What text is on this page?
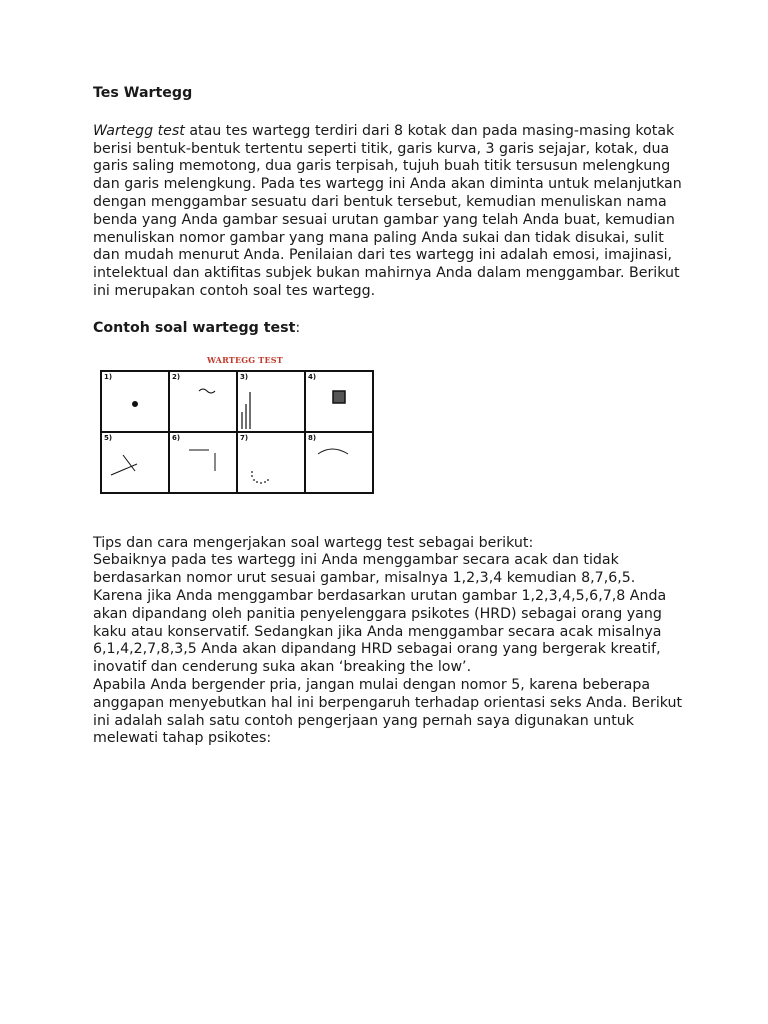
Tes Wartegg

Wartegg test atau tes wartegg terdiri dari 8 kotak dan pada masing-masing kotak berisi bentuk-bentuk tertentu seperti titik, garis kurva, 3 garis sejajar, kotak, dua garis saling memotong, dua garis terpisah, tujuh buah titik tersusun melengkung dan garis melengkung. Pada tes wartegg ini Anda akan diminta untuk melanjutkan dengan menggambar sesuatu dari bentuk tersebut, kemudian menuliskan nama benda yang Anda gambar sesuai urutan gambar yang telah Anda buat, kemudian menuliskan nomor gambar yang mana paling Anda sukai dan tidak disukai, sulit dan mudah menurut Anda. Penilaian dari tes wartegg ini adalah emosi, imajinasi, intelektual dan aktifitas subjek bukan mahirnya Anda dalam menggambar. Berikut ini merupakan contoh soal tes wartegg.

Contoh soal wartegg test:

WARTEGG TEST
1)	2)	3)	4)
5)	6)	7)	8)

Tips dan cara mengerjakan soal wartegg test sebagai berikut:

Sebaiknya pada tes wartegg ini Anda menggambar secara acak dan tidak berdasarkan nomor urut sesuai gambar, misalnya 1,2,3,4 kemudian 8,7,6,5. Karena jika Anda menggambar berdasarkan urutan gambar 1,2,3,4,5,6,7,8 Anda akan dipandang oleh panitia penyelenggara psikotes (HRD) sebagai orang yang kaku atau konservatif. Sedangkan jika Anda menggambar secara acak misalnya 6,1,4,2,7,8,3,5 Anda akan dipandang HRD sebagai orang yang bergerak kreatif, inovatif dan cenderung suka akan ‘breaking the low’.

Apabila Anda bergender pria, jangan mulai dengan nomor 5, karena beberapa anggapan menyebutkan hal ini berpengaruh terhadap orientasi seks Anda. Berikut ini adalah salah satu contoh pengerjaan yang pernah saya digunakan untuk melewati tahap psikotes:
